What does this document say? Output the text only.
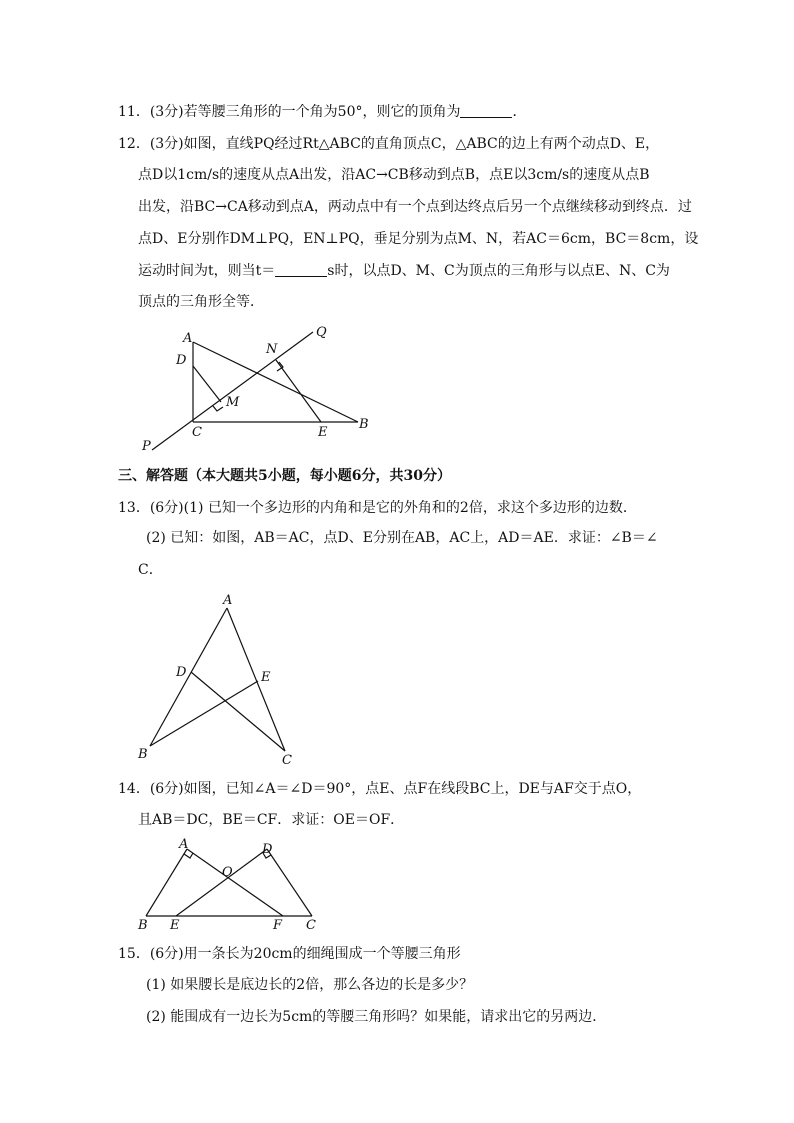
11．(3分)若等腰三角形的一个角为50°，则它的顶角为	．
12．(3分)如图，直线PQ经过Rt△ABC的直角顶点C，△ABC的边上有两个动点D、E，
点D以1cm/s的速度从点A出发，沿AC→CB移动到点B，点E以3cm/s的速度从点B
出发，沿BC→CA移动到点A，两动点中有一个点到达终点后另一个点继续移动到终点．过
点D、E分别作DM⊥PQ，EN⊥PQ，垂足分别为点M、N，若AC＝6cm，BC＝8cm，设
运动时间为t，则当t＝	s时，以点D、M、C为顶点的三角形与以点E、N、C为
顶点的三角形全等．
A
D
N
Q
M
C	E
B
P
三、解答题（本大题共5小题，每小题6分，共30分）
13．(6分)(1) 已知一个多边形的内角和是它的外角和的2倍，求这个多边形的边数．
(2) 已知：如图，AB＝AC，点D、E分别在AB，AC上，AD＝AE．求证：∠B＝∠
C．
A
D	E
B	C
14．(6分)如图，已知∠A＝∠D＝90°，点E、点F在线段BC上，DE与AF交于点O，
且AB＝DC，BE＝CF．求证：OE＝OF．
A	D
O
B E	F C
15．(6分)用一条长为20cm的细绳围成一个等腰三角形
(1) 如果腰长是底边长的2倍，那么各边的长是多少？
(2) 能围成有一边长为5cm的等腰三角形吗？如果能，请求出它的另两边．
